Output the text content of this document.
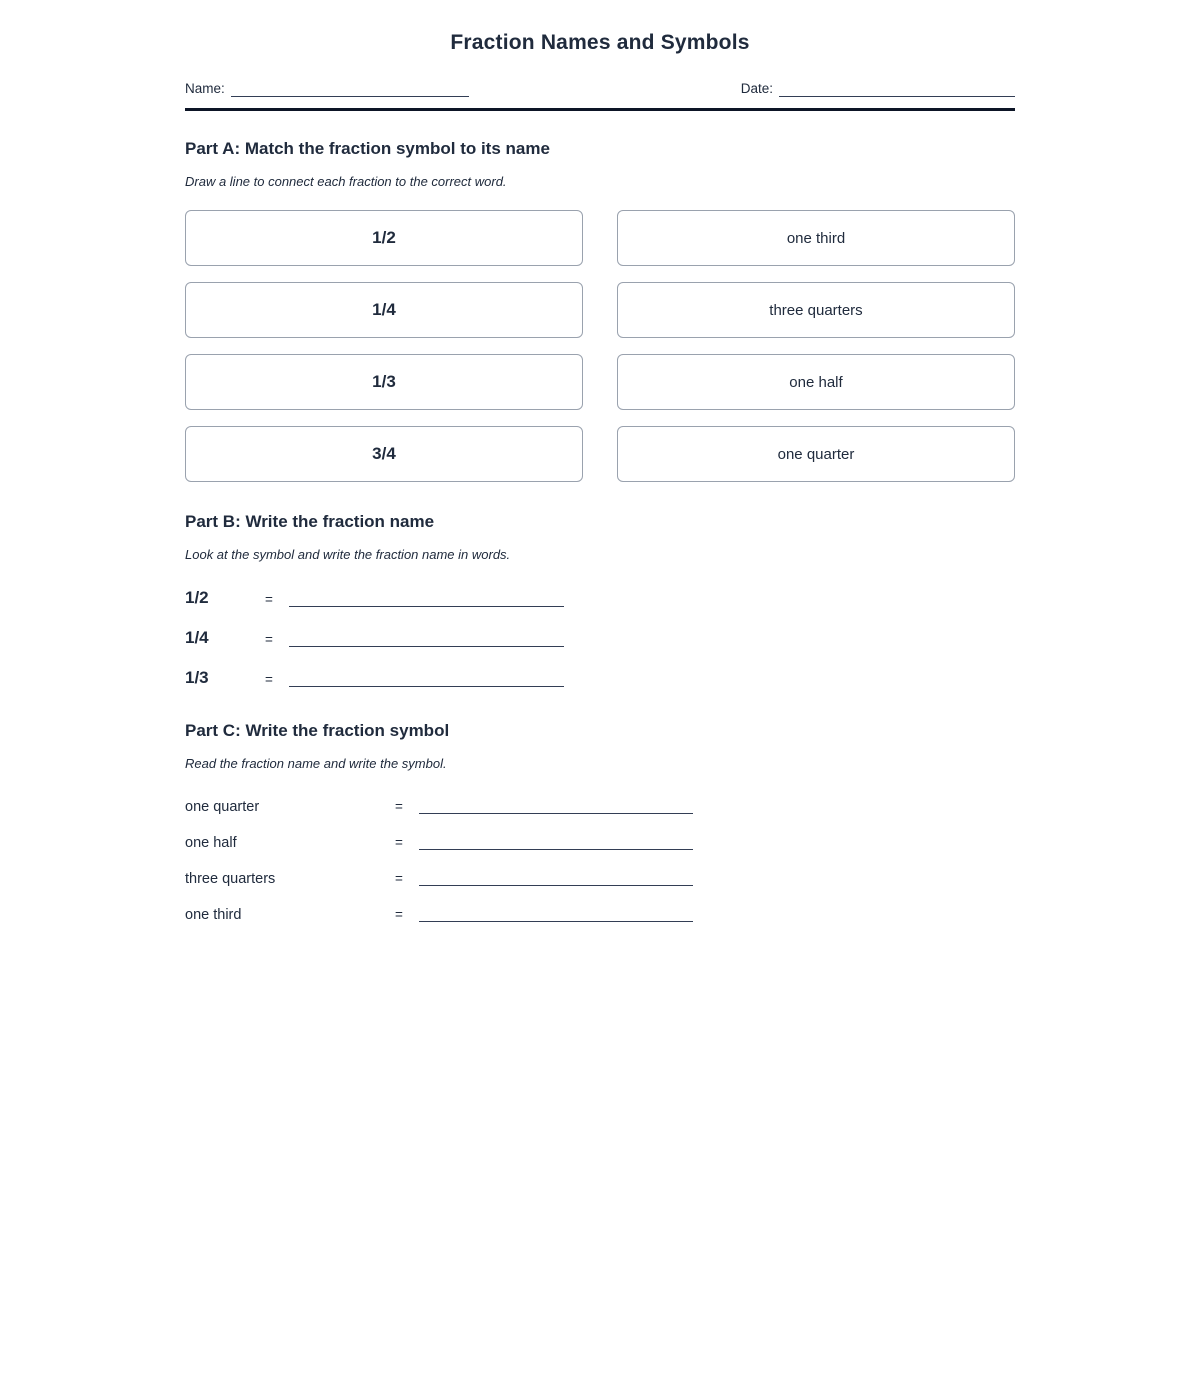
Fraction Names and Symbols
Name:	Date:
Part A: Match the fraction symbol to its name

Draw a line to connect each fraction to the correct word.

1/2	one third
1/4	three quarters
1/3	one half
3/4	one quarter
Part B: Write the fraction name

Look at the symbol and write the fraction name in words.

1/2	=
1/4	=
1/3	=
Part C: Write the fraction symbol

Read the fraction name and write the symbol.

one quarter	=
one half	=
three quarters	=
one third	=
